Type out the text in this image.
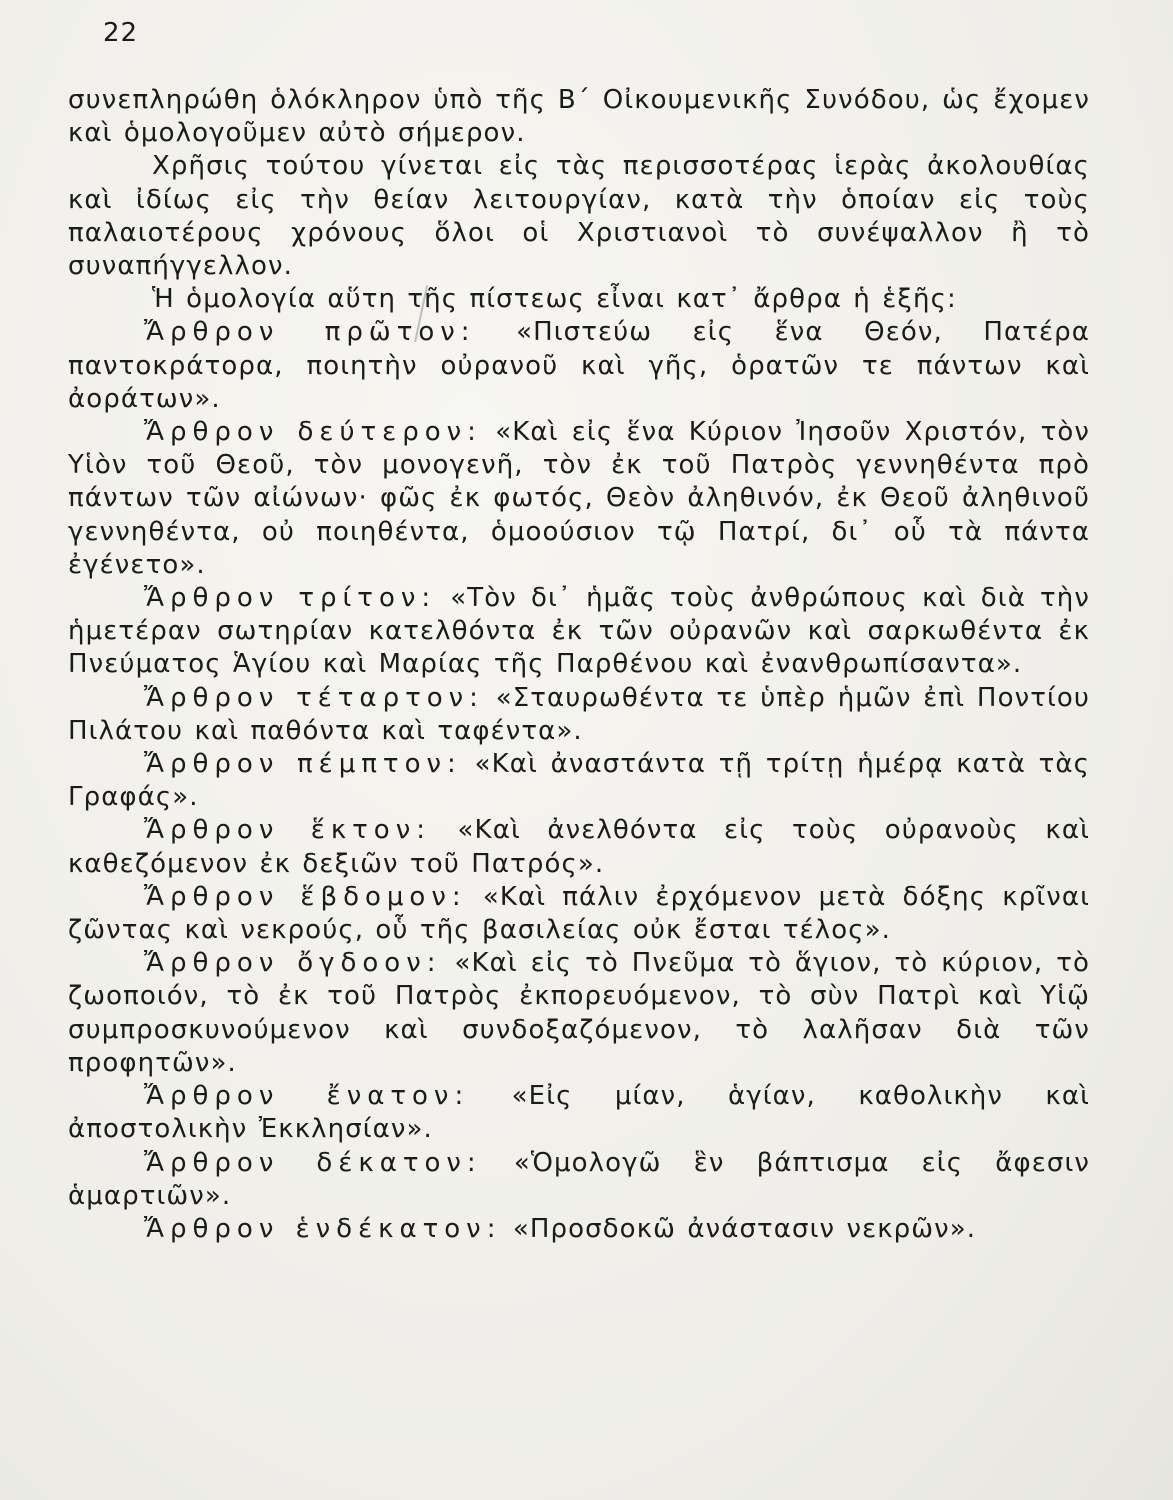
22

συνεπληρώθη ὁλόκληρον ὑπὸ τῆς Β΄ Οἰκουμενικῆς Συνόδου, ὡς ἔχομεν καὶ ὁμολογοῦμεν αὐτὸ σήμερον.

Χρῆσις τούτου γίνεται εἰς τὰς περισσοτέρας ἱερὰς ἀκολουθίας καὶ ἰδίως εἰς τὴν θείαν λειτουργίαν, κατὰ τὴν ὁποίαν εἰς τοὺς παλαιοτέρους χρόνους ὅλοι οἱ Χριστιανοὶ τὸ συνέψαλλον ἢ τὸ συναπήγγελλον.

Ἡ ὁμολογία αὕτη τῆς πίστεως εἶναι κατ᾽ ἄρθρα ἡ ἑξῆς:

Ἄρθρον πρῶτον: «Πιστεύω εἰς ἕνα Θεόν, Πατέρα παντοκράτορα, ποιητὴν οὐρανοῦ καὶ γῆς, ὁρατῶν τε πάντων καὶ ἀοράτων».

Ἄρθρον δεύτερον: «Καὶ εἰς ἕνα Κύριον Ἰησοῦν Χριστόν, τὸν Υἱὸν τοῦ Θεοῦ, τὸν μονογενῆ, τὸν ἐκ τοῦ Πατρὸς γεννηθέντα πρὸ πάντων τῶν αἰώνων· φῶς ἐκ φωτός, Θεὸν ἀληθινόν, ἐκ Θεοῦ ἀληθινοῦ γεννηθέντα, οὐ ποιηθέντα, ὁμοούσιον τῷ Πατρί, δι᾽ οὗ τὰ πάντα ἐγένετο».

Ἄρθρον τρίτον: «Τὸν δι᾽ ἡμᾶς τοὺς ἀνθρώπους καὶ διὰ τὴν ἡμετέραν σωτηρίαν κατελθόντα ἐκ τῶν οὐρανῶν καὶ σαρκωθέντα ἐκ Πνεύματος Ἁγίου καὶ Μαρίας τῆς Παρθένου καὶ ἐνανθρωπίσαντα».

Ἄρθρον τέταρτον: «Σταυρωθέντα τε ὑπὲρ ἡμῶν ἐπὶ Ποντίου Πιλάτου καὶ παθόντα καὶ ταφέντα».

Ἄρθρον πέμπτον: «Καὶ ἀναστάντα τῇ τρίτῃ ἡμέρᾳ κατὰ τὰς Γραφάς».

Ἄρθρον ἕκτον: «Καὶ ἀνελθόντα εἰς τοὺς οὐρανοὺς καὶ καθεζόμενον ἐκ δεξιῶν τοῦ Πατρός».

Ἄρθρον ἕβδομον: «Καὶ πάλιν ἐρχόμενον μετὰ δόξης κρῖναι ζῶντας καὶ νεκρούς, οὗ τῆς βασιλείας οὐκ ἔσται τέλος».

Ἄρθρον ὄγδοον: «Καὶ εἰς τὸ Πνεῦμα τὸ ἅγιον, τὸ κύριον, τὸ ζωοποιόν, τὸ ἐκ τοῦ Πατρὸς ἐκπορευόμενον, τὸ σὺν Πατρὶ καὶ Υἱῷ συμπροσκυνούμενον καὶ συνδοξαζόμενον, τὸ λαλῆσαν διὰ τῶν προφητῶν».

Ἄρθρον ἔνατον: «Εἰς μίαν, ἁγίαν, καθολικὴν καὶ ἀποστολικὴν Ἐκκλησίαν».

Ἄρθρον δέκατον: «Ὁμολογῶ ἓν βάπτισμα εἰς ἄφεσιν ἁμαρτιῶν».

Ἄρθρον ἑνδέκατον: «Προσδοκῶ ἀνάστασιν νεκρῶν».
